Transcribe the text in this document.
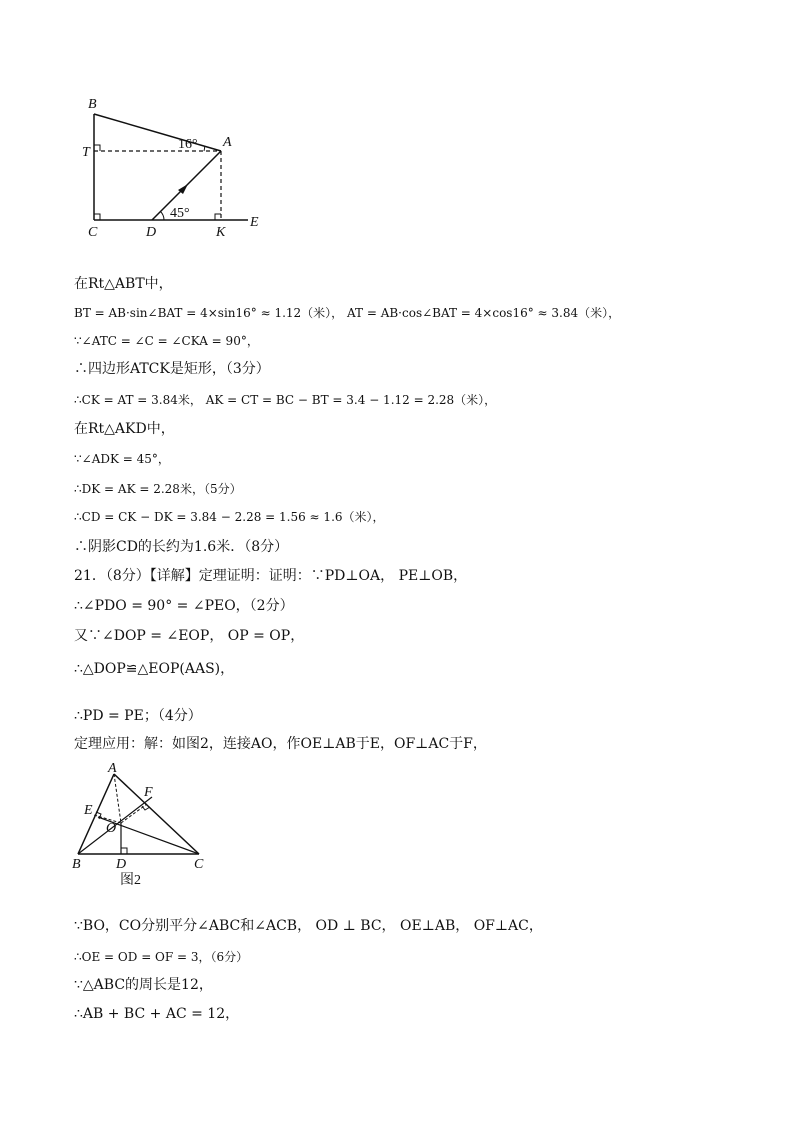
B
T
A
C	D	K
E
16°
45°
在Rt△ABT中，
BT = AB·sin∠BAT = 4×sin16° ≈ 1.12（米）， AT = AB·cos∠BAT = 4×cos16° ≈ 3.84（米），
∵∠ATC = ∠C = ∠CKA = 90°，
∴四边形ATCK是矩形，（3分）
∴CK = AT = 3.84米， AK = CT = BC − BT = 3.4 − 1.12 = 2.28（米），
在Rt△AKD中，
∵∠ADK = 45°，
∴DK = AK = 2.28米，（5分）
∴CD = CK − DK = 3.84 − 2.28 = 1.56 ≈ 1.6（米），
∴阴影CD的长约为1.6米．（8分）
21．（8分）【详解】定理证明：证明：∵PD⊥OA， PE⊥OB，
∴∠PDO = 90° = ∠PEO，（2分）
又∵∠DOP = ∠EOP， OP = OP，
∴△DOP≌△EOP(AAS)，
∴PD = PE；（4分）
定理应用：解：如图2，连接AO，作OE⊥AB于E，OF⊥AC于F，
A
E
F
O
B	D	C
图2
∵BO，CO分别平分∠ABC和∠ACB， OD ⊥ BC， OE⊥AB， OF⊥AC，
∴OE = OD = OF = 3，（6分）
∵△ABC的周长是12，
∴AB + BC + AC = 12，
